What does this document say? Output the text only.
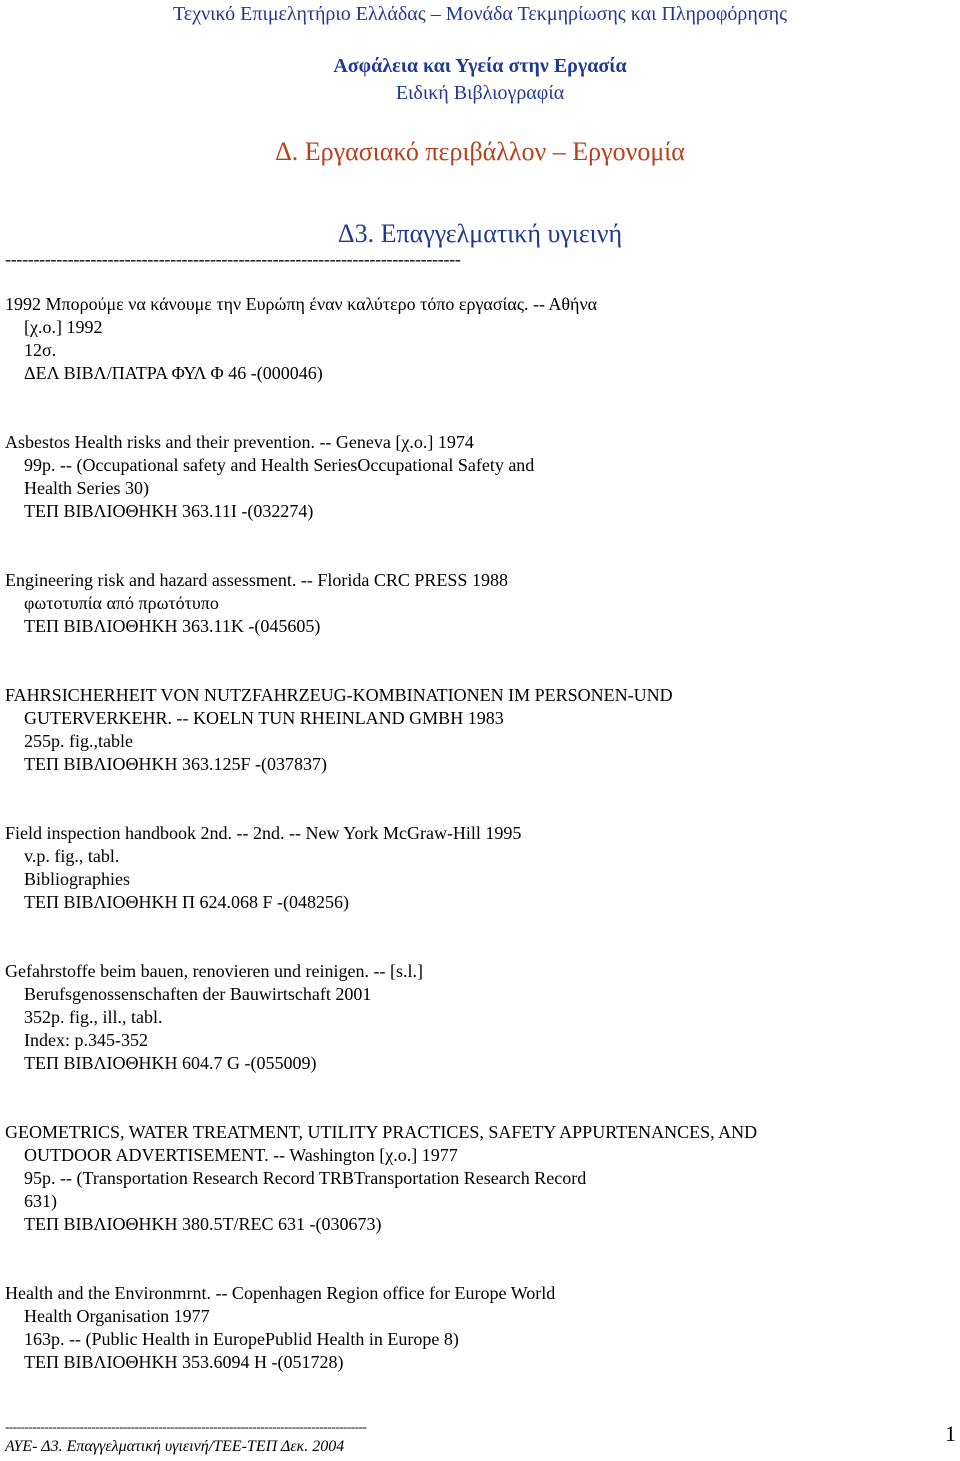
Τεχνικό Επιμελητήριο Ελλάδας – Μονάδα Τεκμηρίωσης και Πληροφόρησης
Ασφάλεια και Υγεία στην Εργασία
Ειδική Βιβλιογραφία
Δ. Εργασιακό περιβάλλον – Εργονομία
Δ3. Επαγγελματική υγιεινή
--------------------------------------------------------------------------------
1992 Μπορούμε να κάνουμε την Ευρώπη έναν καλύτερο τόπο εργασίας. -- Αθήνα
[χ.ο.] 1992
12σ.
ΔΕΛ ΒΙΒΛ/ΠΑΤΡΑ ΦΥΛ Φ 46 -(000046)
Asbestos Health risks and their prevention. -- Geneva [χ.ο.] 1974
99p. -- (Occupational safety and Health SeriesOccupational Safety and
Health Series 30)
ΤΕΠ ΒΙΒΛΙΟΘΗΚΗ 363.11I -(032274)
Engineering risk and hazard assessment. -- Florida CRC PRESS 1988
φωτοτυπία από πρωτότυπο
ΤΕΠ ΒΙΒΛΙΟΘΗΚΗ 363.11K -(045605)
FAHRSICHERHEIT VON NUTZFAHRZEUG-KOMBINATIONEN IM PERSONEN-UND
GUTERVERKEHR. -- KOELN TUN RHEINLAND GMBH 1983
255p. fig.,table
ΤΕΠ ΒΙΒΛΙΟΘΗΚΗ 363.125F -(037837)
Field inspection handbook 2nd. -- 2nd. -- New York McGraw-Hill 1995
v.p. fig., tabl.
Bibliographies
ΤΕΠ ΒΙΒΛΙΟΘΗΚΗ Π 624.068 F -(048256)
Gefahrstoffe beim bauen, renovieren und reinigen. -- [s.l.]
Berufsgenossenschaften der Bauwirtschaft 2001
352p. fig., ill., tabl.
Index: p.345-352
ΤΕΠ ΒΙΒΛΙΟΘΗΚΗ 604.7 G -(055009)
GEOMETRICS, WATER TREATMENT, UTILITY PRACTICES, SAFETY APPURTENANCES, AND
OUTDOOR ADVERTISEMENT. -- Washington [χ.ο.] 1977
95p. -- (Transportation Research Record TRBTransportation Research Record
631)
ΤΕΠ ΒΙΒΛΙΟΘΗΚΗ 380.5T/REC 631 -(030673)
Health and the Environmrnt. -- Copenhagen Region office for Europe World
Health Organisation 1977
163p. -- (Public Health in EuropePublid Health in Europe 8)
ΤΕΠ ΒΙΒΛΙΟΘΗΚΗ 353.6094 H -(051728)
--------------------------------------------------------------------------------------------
ΑΥΕ- Δ3. Επαγγελματική υγιεινή/ΤΕΕ-ΤΕΠ Δεκ. 2004
1
